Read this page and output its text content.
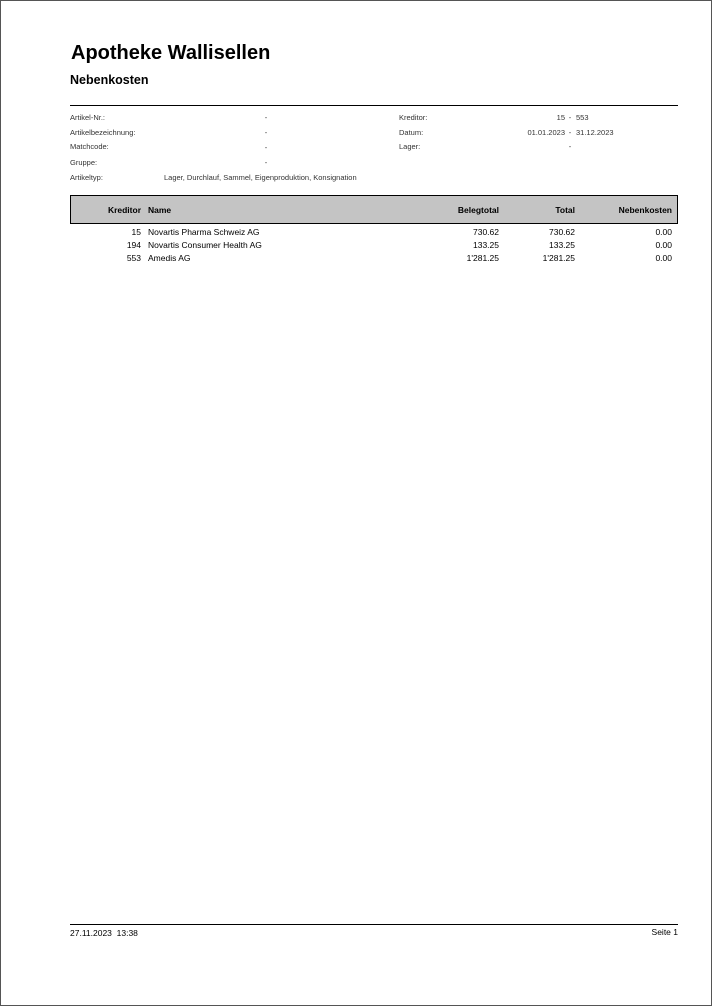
Apotheke Wallisellen
Nebenkosten
Artikel-Nr.:	-
Artikelbezeichnung:	-
Matchcode:	-
Gruppe:	-
Artikeltyp:	Lager, Durchlauf, Sammel, Eigenproduktion, Konsignation
Kreditor:	15 - 553
Datum:	01.01.2023 - 31.12.2023
Lager:	-
Kreditor Name	Belegtotal	Total	Nebenkosten
15 Novartis Pharma Schweiz AG	730.62	730.62	0.00
194 Novartis Consumer Health AG	133.25	133.25	0.00
553 Amedis AG	1'281.25	1'281.25	0.00
27.11.2023  13:38	Seite 1
